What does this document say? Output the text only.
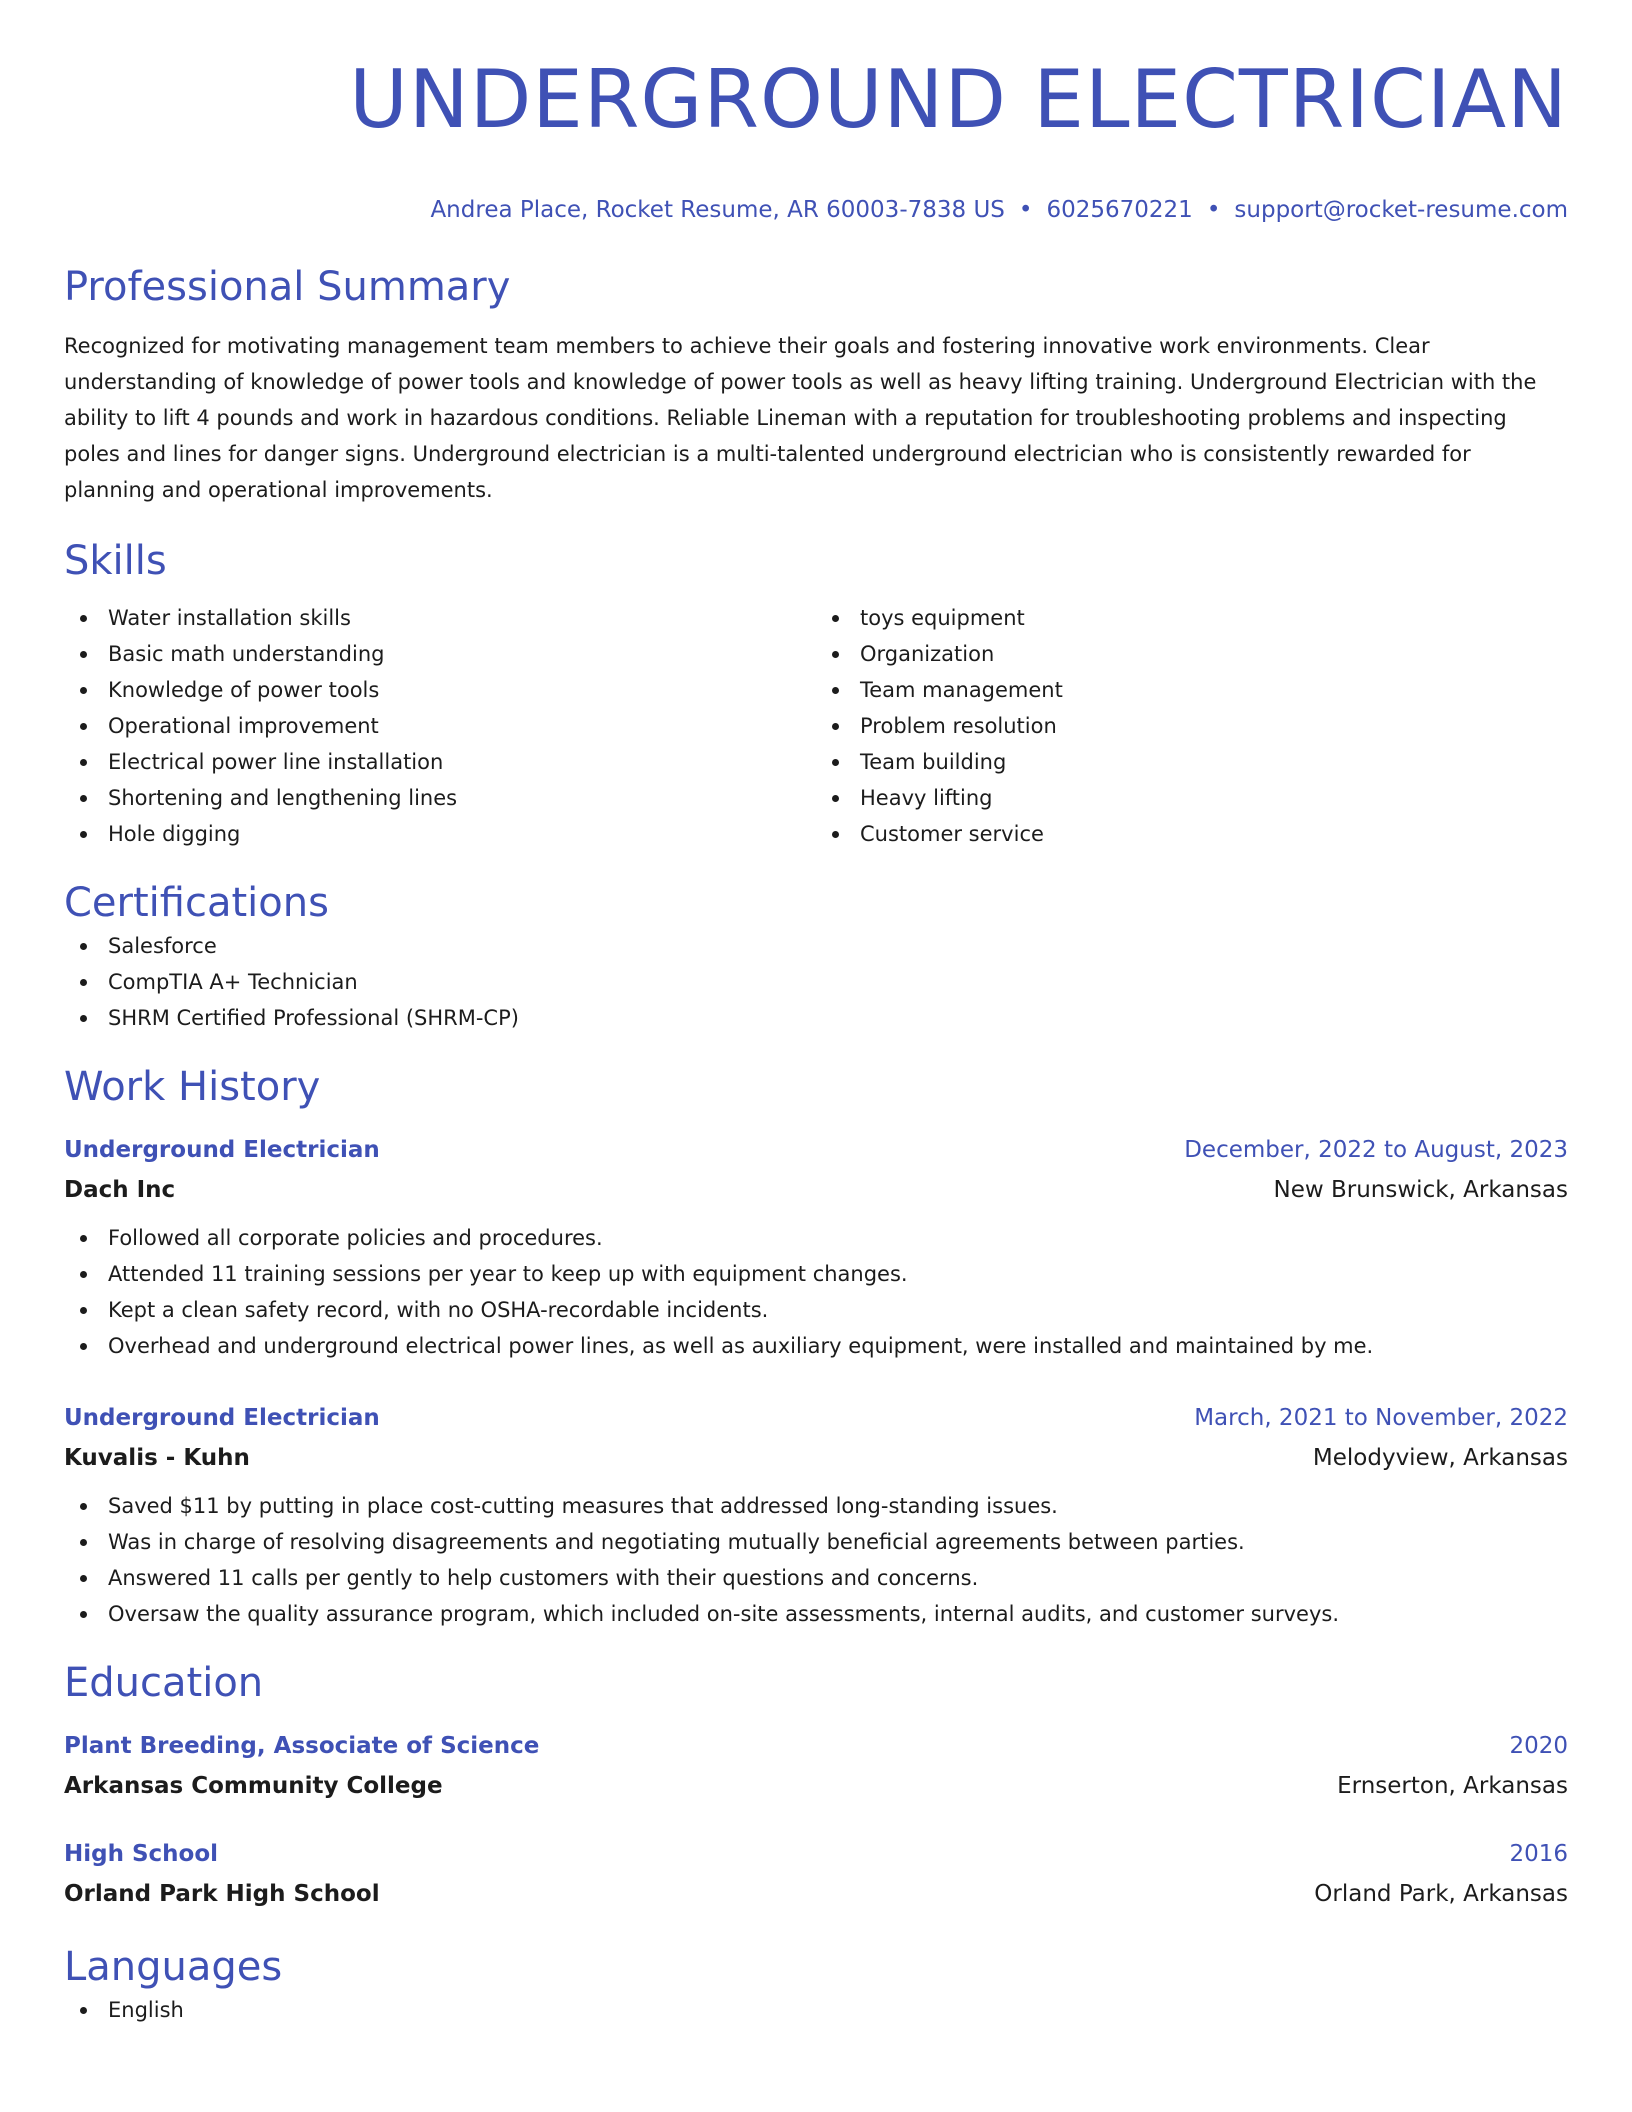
UNDERGROUND ELECTRICIAN
Andrea Place, Rocket Resume, AR 60003-7838 US • 6025670221 • support@rocket-resume.com
Professional Summary
Recognized for motivating management team members to achieve their goals and fostering innovative work environments. Clear understanding of knowledge of power tools and knowledge of power tools as well as heavy lifting training. Underground Electrician with the ability to lift 4 pounds and work in hazardous conditions. Reliable Lineman with a reputation for troubleshooting problems and inspecting poles and lines for danger signs. Underground electrician is a multi-talented underground electrician who is consistently rewarded for planning and operational improvements.
Skills
Water installation skills
Basic math understanding
Knowledge of power tools
Operational improvement
Electrical power line installation
Shortening and lengthening lines
Hole digging
toys equipment
Organization
Team management
Problem resolution
Team building
Heavy lifting
Customer service
Certifications
Salesforce
CompTIA A+ Technician
SHRM Certified Professional (SHRM-CP)
Work History
Underground Electrician	December, 2022 to August, 2023
Dach Inc	New Brunswick, Arkansas
Followed all corporate policies and procedures.
Attended 11 training sessions per year to keep up with equipment changes.
Kept a clean safety record, with no OSHA-recordable incidents.
Overhead and underground electrical power lines, as well as auxiliary equipment, were installed and maintained by me.
Underground Electrician	March, 2021 to November, 2022
Kuvalis - Kuhn	Melodyview, Arkansas
Saved $11 by putting in place cost-cutting measures that addressed long-standing issues.
Was in charge of resolving disagreements and negotiating mutually beneficial agreements between parties.
Answered 11 calls per gently to help customers with their questions and concerns.
Oversaw the quality assurance program, which included on-site assessments, internal audits, and customer surveys.
Education
Plant Breeding, Associate of Science	2020
Arkansas Community College	Ernserton, Arkansas
High School	2016
Orland Park High School	Orland Park, Arkansas
Languages
English
